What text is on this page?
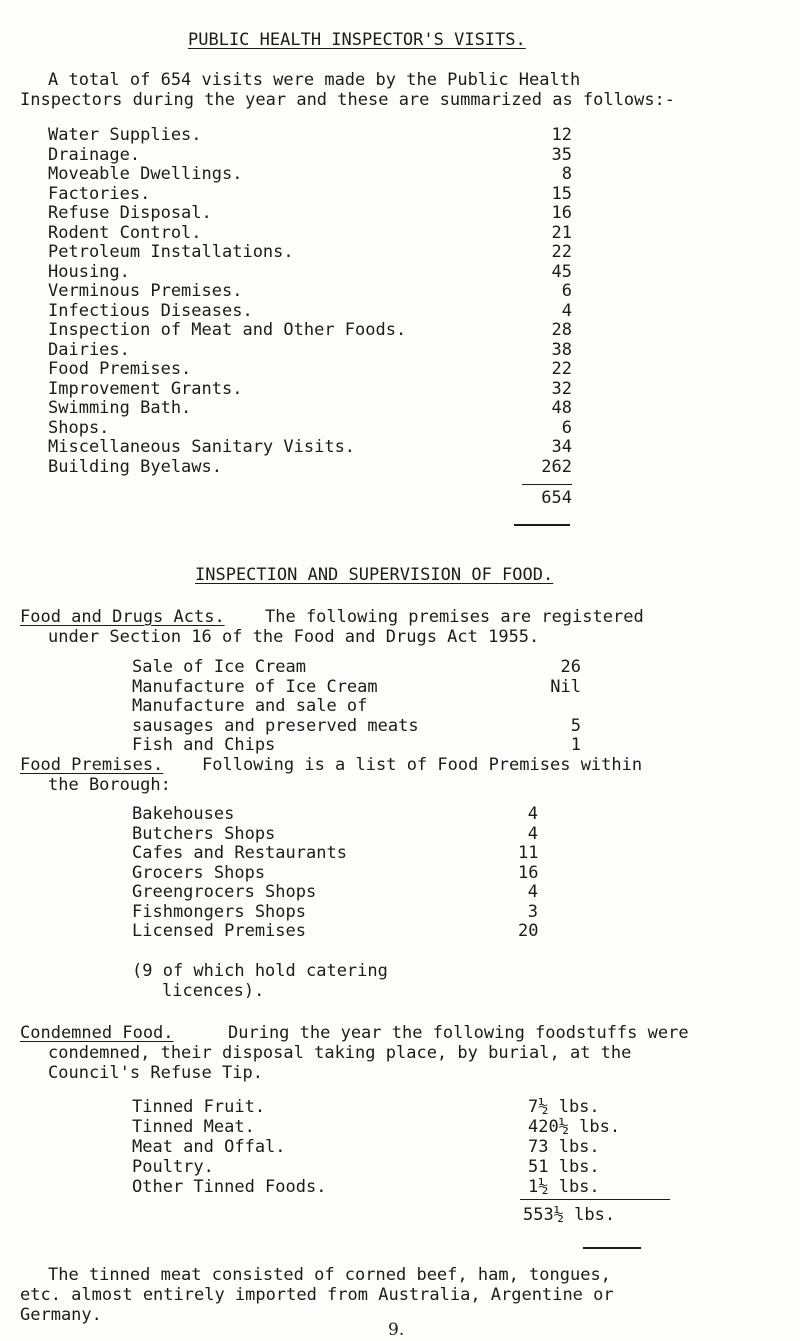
PUBLIC HEALTH INSPECTOR'S VISITS.
A total of 654 visits were made by the Public Health
Inspectors during the year and these are summarized as follows:-
Water Supplies.	12
Drainage.	35
Moveable Dwellings.	8
Factories.	15
Refuse Disposal.	16
Rodent Control.	21
Petroleum Installations.	22
Housing.	45
Verminous Premises.	6
Infectious Diseases.	4
Inspection of Meat and Other Foods.	28
Dairies.	38
Food Premises.	22
Improvement Grants.	32
Swimming Bath.	48
Shops.	6
Miscellaneous Sanitary Visits.	34
Building Byelaws.	262
654
INSPECTION AND SUPERVISION OF FOOD.
Food and Drugs Acts. The following premises are registered
under Section 16 of the Food and Drugs Act 1955.
Sale of Ice Cream	26
Manufacture of Ice Cream	Nil
Manufacture and sale of
sausages and preserved meats	5
Fish and Chips	1
Food Premises. Following is a list of Food Premises within
the Borough:
Bakehouses	4
Butchers Shops	4
Cafes and Restaurants	11
Grocers Shops	16
Greengrocers Shops	4
Fishmongers Shops	3
Licensed Premises	20
(9 of which hold catering
licences).
Condemned Food.	During the year the following foodstuffs were
condemned, their disposal taking place, by burial, at the
Council's Refuse Tip.
Tinned Fruit.	7½ lbs.
Tinned Meat.	420½ lbs.
Meat and Offal.	73 lbs.
Poultry.	51 lbs.
Other Tinned Foods.	1½ lbs.
553½ lbs.
The tinned meat consisted of corned beef, ham, tongues,
etc. almost entirely imported from Australia, Argentine or
Germany.
9.
